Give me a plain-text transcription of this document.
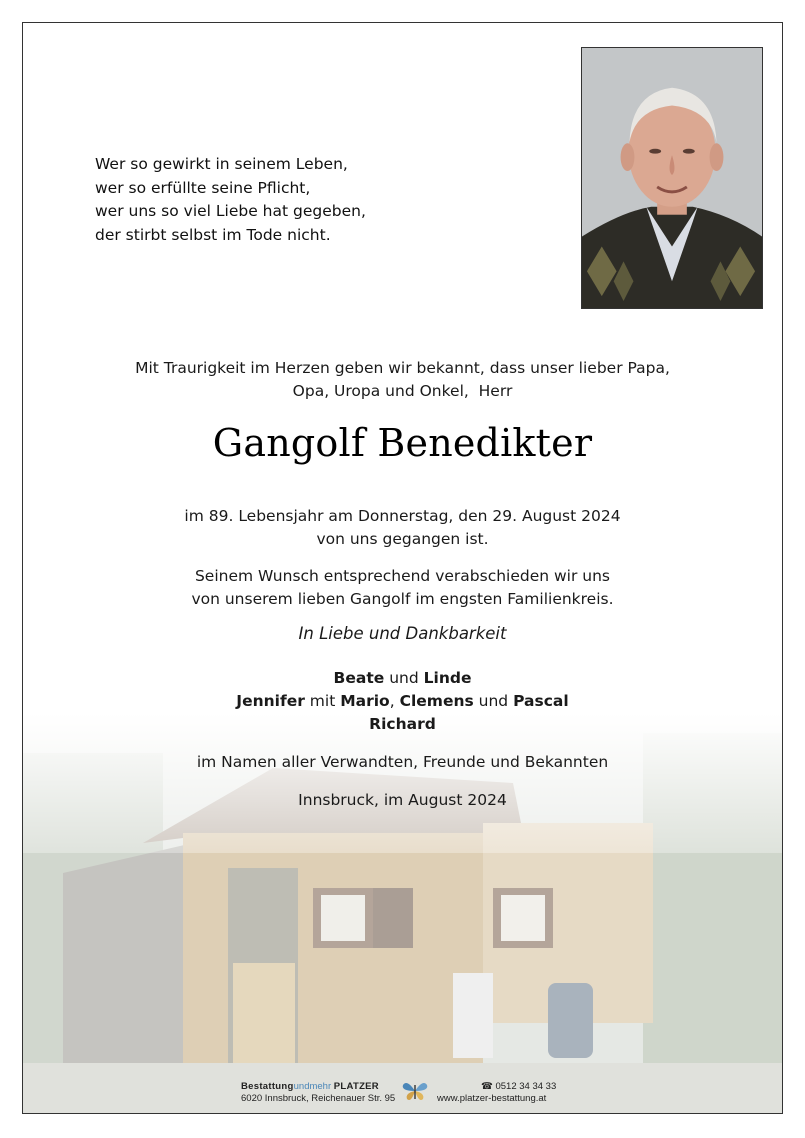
Wer so gewirkt in seinem Leben,
wer so erfüllte seine Pflicht,
wer uns so viel Liebe hat gegeben,
der stirbt selbst im Tode nicht.
Mit Traurigkeit im Herzen geben wir bekannt, dass unser lieber Papa,
Opa, Uropa und Onkel,  Herr
Gangolf Benedikter
im 89. Lebensjahr am Donnerstag, den 29. August 2024
von uns gegangen ist.
Seinem Wunsch entsprechend verabschieden wir uns
von unserem lieben Gangolf im engsten Familienkreis.
In Liebe und Dankbarkeit
Beate und Linde
Jennifer mit Mario, Clemens und Pascal
Richard
im Namen aller Verwandten, Freunde und Bekannten
Innsbruck, im August 2024
Bestattungundmehr PLATZER
6020 Innsbruck, Reichenauer Str. 95
☎ 0512 34 34 33
www.platzer-bestattung.at
